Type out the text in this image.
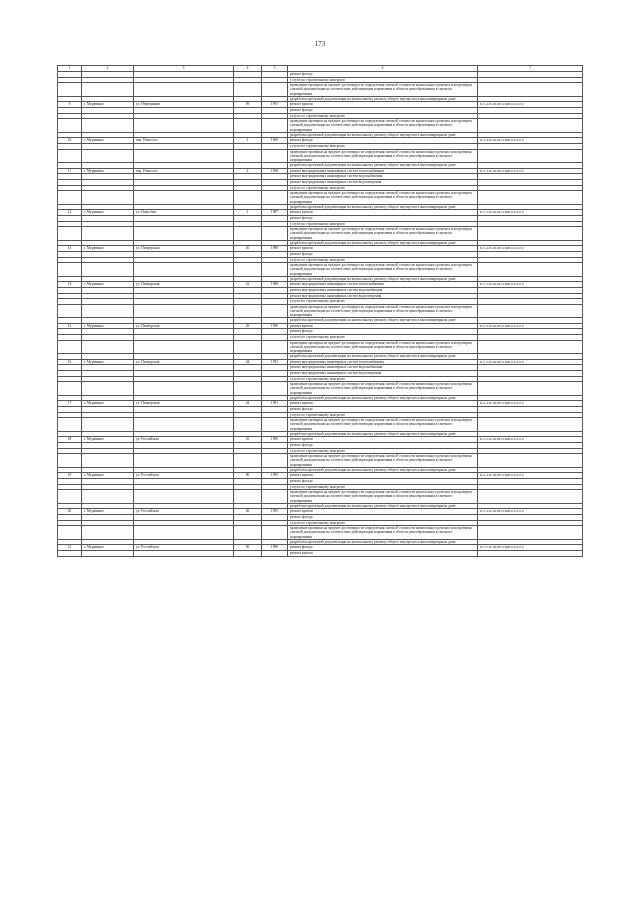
173
1	2	3	4	5	6	7
					ремонт фасада	
					услуги по строительному контролю	
					проведение проверки на предмет достоверности определения сметной стоимости капитального ремонта или проверки сметной документации на соответствие действующим нормативам в области ценообразования в сметного нормирования	
					разработка проектной документации на капитальному ремонту общего имущества в многоквартирном доме	
9	г. Мураванко	ул. Нефтяников	99	1991	ремонт кровли	П-5-4-П-Ш-ПП-СЖВ-0-0-0-0-0
					ремонт фасада	
					услуги по строительному контролю	
					проведение проверки на предмет достоверности определения сметной стоимости капитального ремонта или проверки сметной документации на соответствие действующим нормативам в области ценообразования в сметного нормирования	
					разработка проектной документации на капитальному ремонту общего имущества в многоквартирном доме	
10	г. Мураванко	пер. Новосолт	1	1969	ремонт фасада	П-5-4-П-Ш-ПП-СЖВ-0-0-0-0-0
					услуги по строительному контролю	
					проведение проверки на предмет достоверности определения сметной стоимости капитального ремонта или проверки сметной документации на соответствие действующим нормативам в области ценообразования в сметного нормирования	
					разработка проектной документации на капитальному ремонту общего имущества в многоквартирном доме	
11	г. Мураванко	пер. Новосолт	4	1968	ремонт внутридомовых инженерных систем теплоснабжения	П-5-4-П-Ш-ПП-СЖВ-0-0-0-0-0
					ремонт внутридомовых инженерных систем водоснабжения	
					ремонт внутридомовых инженерных систем водоотведения	
					услуги по строительному контролю	
					проведение проверки на предмет достоверности определения сметной стоимости капитального ремонта или проверки сметной документации на соответствие действующим нормативам в области ценообразования в сметного нормирования	
					разработка проектной документации на капитальному ремонту общего имущества в многоквартирном доме	
12	г. Мураванко	ул. Новосбыт	1	1987	ремонт кровли	П-5-5-П-Ш-ПП-СЖВ-0-0-0-0-0
					ремонт фасада	
					услуги по строительному контролю	
					проведение проверки на предмет достоверности определения сметной стоимости капитального ремонта или проверки сметной документации на соответствие действующим нормативам в области ценообразования в сметного нормирования	
					разработка проектной документации на капитальному ремонту общего имущества в многоквартирном доме	
13	г. Мураванко	ул. Пионерская	20	1989	ремонт кровли	П-5-4-П-Ш-ПП-СЖВ-0-0-0-0-0
					ремонт фасада	
					услуги по строительному контролю	
					проведение проверки на предмет достоверности определения сметной стоимости капитального ремонта или проверки сметной документации на соответствие действующим нормативам в области ценообразования в сметного нормирования	
					разработка проектной документации на капитальному ремонту общего имущества в многоквартирном доме	
14	г. Мураванко	ул. Пионерская	22	1988	ремонт внутридомовых инженерных систем теплоснабжения	П-5-5-П-Ш-ПП-СЖВ-0-0-0-0-0
					ремонт внутридомовых инженерных систем водоснабжения	
					ремонт внутридомовых инженерных систем водоотведения	
					услуги по строительному контролю	
					проведение проверки на предмет достоверности определения сметной стоимости капитального ремонта или проверки сметной документации на соответствие действующим нормативам в области ценообразования в сметного нормирования	
					разработка проектной документации на капитальному ремонту общего имущества в многоквартирном доме	
15	г. Мураванко	ул. Пионерская	26	1990	ремонт кровли	П-5-6-П-Ш-ПП-СЖВ-0-0-0-0-0
					ремонт фасада	
					услуги по строительному контролю	
					проведение проверки на предмет достоверности определения сметной стоимости капитального ремонта или проверки сметной документации на соответствие действующим нормативам в области ценообразования в сметного нормирования	
					разработка проектной документации на капитальному ремонту общего имущества в многоквартирном доме	
16	г. Мураванко	ул. Пионерская	42	1991	ремонт внутридомовых инженерных систем теплоснабжения	П-5-5-П-Ш-ПП-СЖВ-0-0-0-0-0
					ремонт внутридомовых инженерных систем водоснабжения	
					ремонт внутридомовых инженерных систем водоотведения	
					услуги по строительному контролю	
					проведение проверки на предмет достоверности определения сметной стоимости капитального ремонта или проверки сметной документации на соответствие действующим нормативам в области ценообразования в сметного нормирования	
					разработка проектной документации на капитальному ремонту общего имущества в многоквартирном доме	
17	г. Мураванко	ул. Пионерская	44	1991	ремонт кровли	П-5-4-П-Ш-ПП-СЖВ-0-0-0-0-0
					ремонт фасада	
					услуги по строительному контролю	
					проведение проверки на предмет достоверности определения сметной стоимости капитального ремонта или проверки сметной документации на соответствие действующим нормативам в области ценообразования в сметного нормирования	
					разработка проектной документации на капитальному ремонту общего имущества в многоквартирном доме	
18	г. Мураванко	ул. Российская	35	1990	ремонт кровли	П-5-5-П-Ш-ПП-СЖВ-0-0-0-0-0
					ремонт фасада	
					услуги по строительному контролю	
					проведение проверки на предмет достоверности определения сметной стоимости капитального ремонта или проверки сметной документации на соответствие действующим нормативам в области ценообразования в сметного нормирования	
					разработка проектной документации на капитальному ремонту общего имущества в многоквартирном доме	
19	г. Мураванко	ул. Российская	80	1995	ремонт кровли	П-5-4-П-Ш-ПП-СЖВ-0-0-0-0-0
					ремонт фасада	
					услуги по строительному контролю	
					проведение проверки на предмет достоверности определения сметной стоимости капитального ремонта или проверки сметной документации на соответствие действующим нормативам в области ценообразования в сметного нормирования	
					разработка проектной документации на капитальному ремонту общего имущества в многоквартирном доме	
20	г. Мураванко	ул. Российская	46	1995	ремонт кровли	П-5-4-П-Ш-ПП-СЖВ-0-0-0-0-0
					ремонт фасада	
					услуги по строительному контролю	
					проведение проверки на предмет достоверности определения сметной стоимости капитального ремонта или проверки сметной документации на соответствие действующим нормативам в области ценообразования в сметного нормирования	
					разработка проектной документации на капитальному ремонту общего имущества в многоквартирном доме	
21	г. Мураванко	ул. Российская	50	1996	ремонт фасада	П-5-5-П-Ш-ПП-СЖВ-0-0-0-0-0
					ремонт кровли	
